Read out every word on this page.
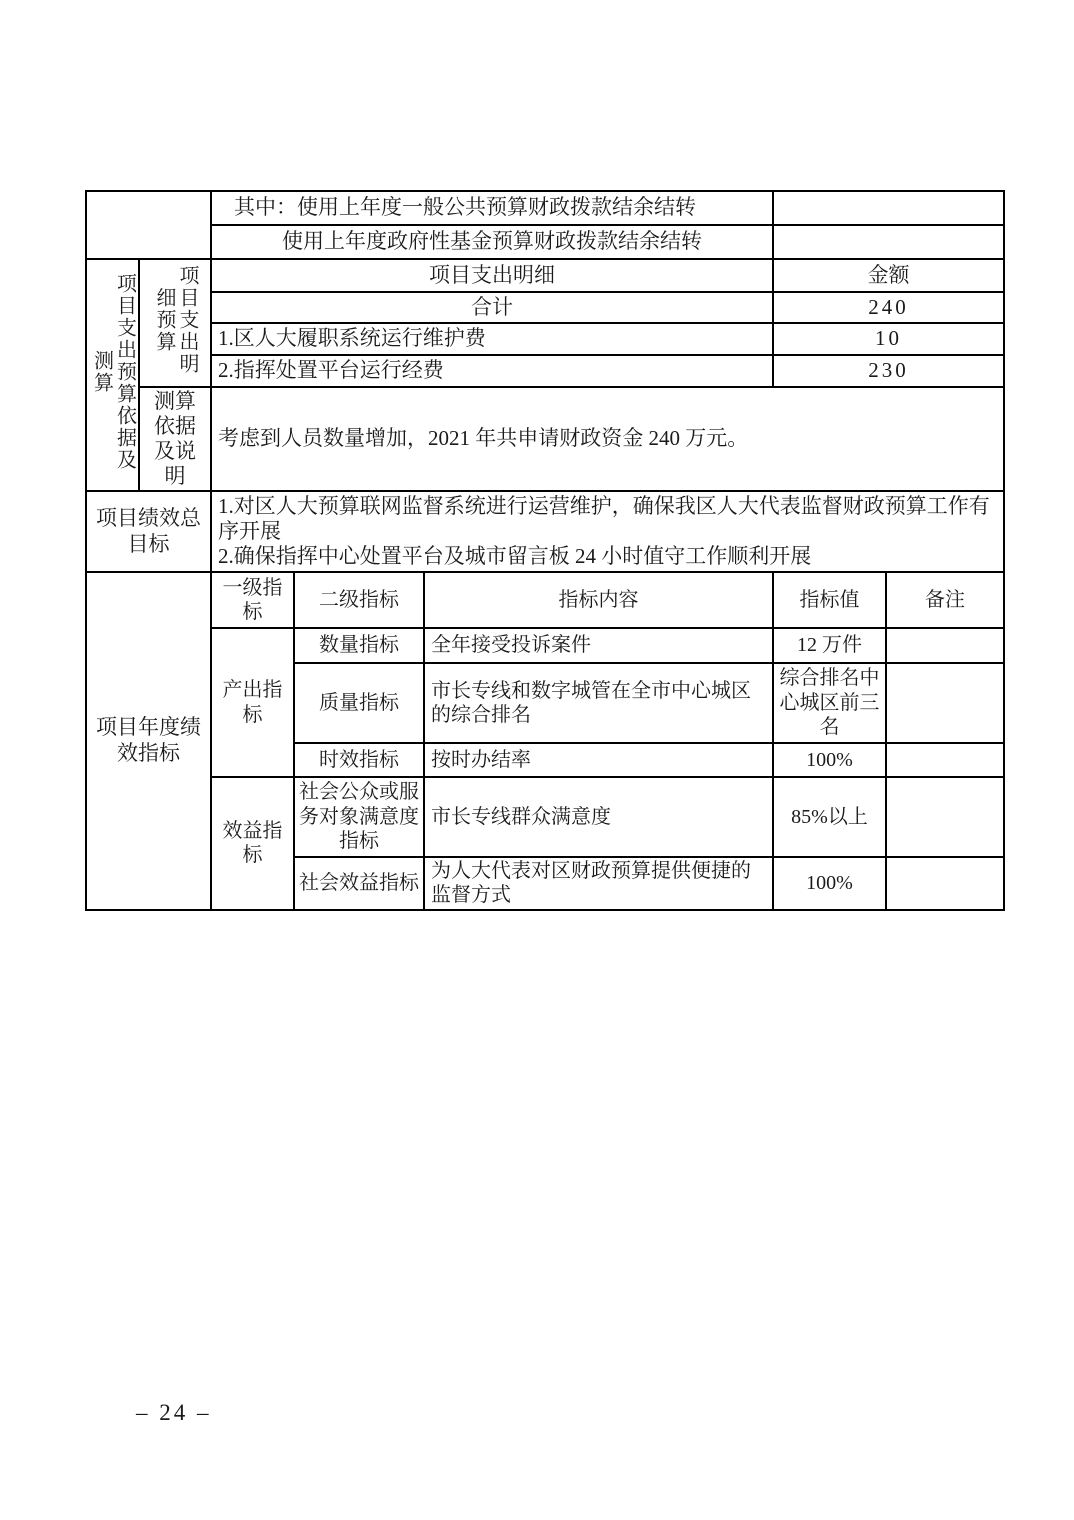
		其中：使用上年度一般公共预算财政拨款结余结转				
		使用上年度政府性基金预算财政拨款结余结转				
项目支出预算依据及测算	项目支出明细预算	项目支出明细			金额	
		合计			240	
		1.区人大履职系统运行维护费			10	
		2.指挥处置平台运行经费			230	
	测算依据及说明	考虑到人员数量增加，2021 年共申请财政资金 240 万元。				
项目绩效总目标		1.对区人大预算联网监督系统进行运营维护，确保我区人大代表监督财政预算工作有序开展
2.确保指挥中心处置平台及城市留言板 24 小时值守工作顺利开展				

项目年度绩效指标		一级指标	二级指标	指标内容	指标值	备注
		产出指标	数量指标	全年接受投诉案件	12 万件	
			质量指标	市长专线和数字城管在全市中心城区的综合排名	综合排名中心城区前三名	
			时效指标	按时办结率	100%	
		效益指标	社会公众或服务对象满意度指标	市长专线群众满意度	85%以上	
			社会效益指标	为人大代表对区财政预算提供便捷的监督方式	100%	
– 24 –
